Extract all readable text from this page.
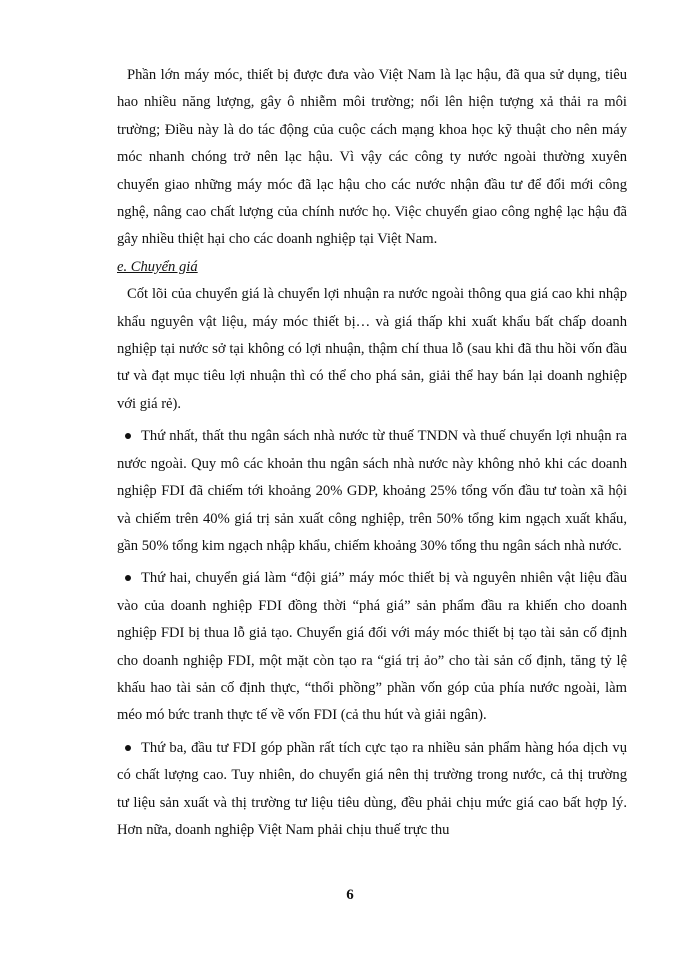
Phần lớn máy móc, thiết bị được đưa vào Việt Nam là lạc hậu, đã qua sử dụng, tiêu hao nhiều năng lượng, gây ô nhiễm môi trường; nổi lên hiện tượng xả thải ra môi trường; Điều này là do tác động của cuộc cách mạng khoa học kỹ thuật cho nên máy móc nhanh chóng trở nên lạc hậu. Vì vậy các công ty nước ngoài thường xuyên chuyển giao những máy móc đã lạc hậu cho các nước nhận đầu tư để đổi mới công nghệ, nâng cao chất lượng của chính nước họ. Việc chuyển giao công nghệ lạc hậu đã gây nhiều thiệt hại cho các doanh nghiệp tại Việt Nam.

e. Chuyển giá

Cốt lõi của chuyển giá là chuyển lợi nhuận ra nước ngoài thông qua giá cao khi nhập khẩu nguyên vật liệu, máy móc thiết bị… và giá thấp khi xuất khẩu bất chấp doanh nghiệp tại nước sở tại không có lợi nhuận, thậm chí thua lỗ (sau khi đã thu hồi vốn đầu tư và đạt mục tiêu lợi nhuận thì có thể cho phá sản, giải thể hay bán lại doanh nghiệp với giá rẻ).

Thứ nhất, thất thu ngân sách nhà nước từ thuế TNDN và thuế chuyển lợi nhuận ra nước ngoài. Quy mô các khoản thu ngân sách nhà nước này không nhỏ khi các doanh nghiệp FDI đã chiếm tới khoảng 20% GDP, khoảng 25% tổng vốn đầu tư toàn xã hội và chiếm trên 40% giá trị sản xuất công nghiệp, trên 50% tổng kim ngạch xuất khẩu, gần 50% tổng kim ngạch nhập khẩu, chiếm khoảng 30% tổng thu ngân sách nhà nước.

Thứ hai, chuyển giá làm “đội giá” máy móc thiết bị và nguyên nhiên vật liệu đầu vào của doanh nghiệp FDI đồng thời “phá giá” sản phẩm đầu ra khiến cho doanh nghiệp FDI bị thua lỗ giả tạo. Chuyển giá đối với máy móc thiết bị tạo tài sản cố định cho doanh nghiệp FDI, một mặt còn tạo ra “giá trị ảo” cho tài sản cố định, tăng tỷ lệ khấu hao tài sản cố định thực, “thổi phồng” phần vốn góp của phía nước ngoài, làm méo mó bức tranh thực tế về vốn FDI (cả thu hút và giải ngân).

Thứ ba, đầu tư FDI góp phần rất tích cực tạo ra nhiều sản phẩm hàng hóa dịch vụ có chất lượng cao. Tuy nhiên, do chuyển giá nên thị trường trong nước, cả thị trường tư liệu sản xuất và thị trường tư liệu tiêu dùng, đều phải chịu mức giá cao bất hợp lý. Hơn nữa, doanh nghiệp Việt Nam phải chịu thuế trực thu

6
